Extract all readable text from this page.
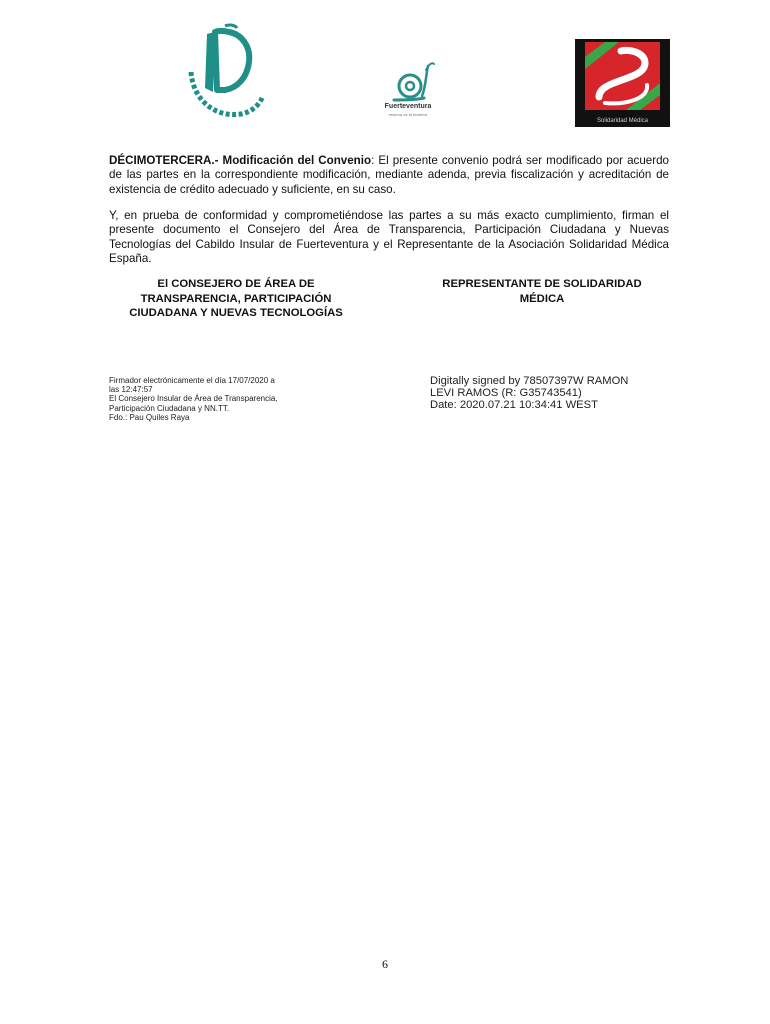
Fuerteventura
reserva de la biosfera
Solidaridad Médica

DÉCIMOTERCERA.- Modificación del Convenio: El presente convenio podrá ser modificado por acuerdo de las partes en la correspondiente modificación, mediante adenda, previa fiscalización y acreditación de existencia de crédito adecuado y suficiente, en su caso.

Y, en prueba de conformidad y comprometiéndose las partes a su más exacto cumplimiento, firman el presente documento el Consejero del Área de Transparencia, Participación Ciudadana y Nuevas Tecnologías del Cabildo Insular de Fuerteventura y el Representante de la Asociación Solidaridad Médica España.

El CONSEJERO DE ÁREA DE
TRANSPARENCIA, PARTICIPACIÓN
CIUDADANA Y NUEVAS TECNOLOGÍAS
REPRESENTANTE DE SOLIDARIDAD
MÉDICA
Firmador electrónicamente el día 17/07/2020 a
las 12:47:57
El Consejero Insular de Área de Transparencia,
Participación Ciudadana y NN.TT.
Fdo.: Pau Quiles Raya
Digitally signed by 78507397W RAMON
LEVI RAMOS (R: G35743541)
Date: 2020.07.21 10:34:41 WEST
6
